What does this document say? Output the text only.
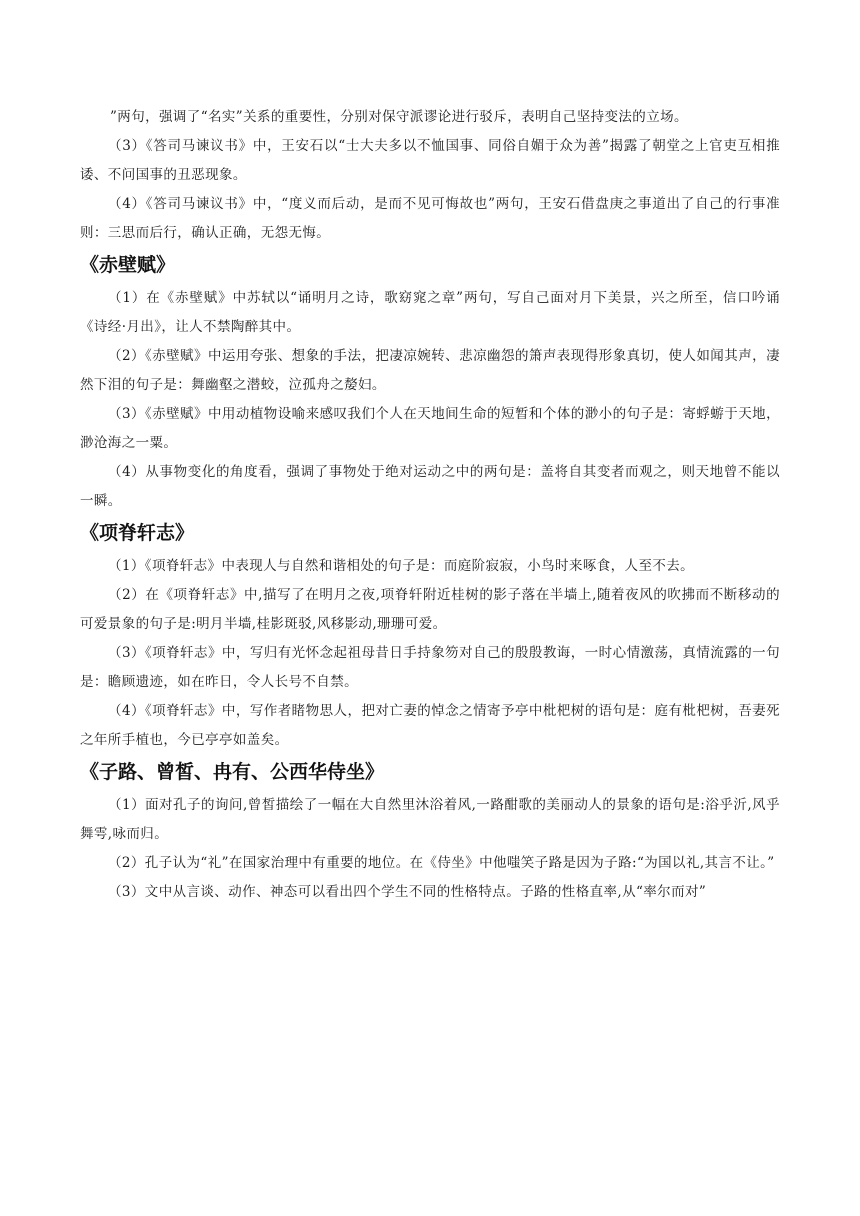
”两句，强调了“名实”关系的重要性，分别对保守派谬论进行驳斥，表明自己坚持变法的立场。

（3）《答司马谏议书》中，王安石以“士大夫多以不恤国事、同俗自媚于众为善”揭露了朝堂之上官吏互相推诿、不问国事的丑恶现象。

（4）《答司马谏议书》中，“度义而后动，是而不见可悔故也”两句，王安石借盘庚之事道出了自己的行事准则：三思而后行，确认正确，无怨无悔。

《赤壁赋》

（1）在《赤壁赋》中苏轼以“诵明月之诗，歌窈窕之章”两句，写自己面对月下美景，兴之所至，信口吟诵《诗经·月出》，让人不禁陶醉其中。

（2）《赤壁赋》中运用夸张、想象的手法，把凄凉婉转、悲凉幽怨的箫声表现得形象真切，使人如闻其声，凄然下泪的句子是：舞幽壑之潜蛟，泣孤舟之嫠妇。

（3）《赤壁赋》中用动植物设喻来感叹我们个人在天地间生命的短暂和个体的渺小的句子是：寄蜉蝣于天地，渺沧海之一粟。

（4）从事物变化的角度看，强调了事物处于绝对运动之中的两句是：盖将自其变者而观之，则天地曾不能以一瞬。

《项脊轩志》

（1）《项脊轩志》中表现人与自然和谐相处的句子是：而庭阶寂寂，小鸟时来啄食，人至不去。

（2）在《项脊轩志》中,描写了在明月之夜,项脊轩附近桂树的影子落在半墙上,随着夜风的吹拂而不断移动的可爱景象的句子是:明月半墙,桂影斑驳,风移影动,珊珊可爱。

（3）《项脊轩志》中，写归有光怀念起祖母昔日手持象笏对自己的殷殷教诲，一时心情激荡，真情流露的一句是：瞻顾遗迹，如在昨日，令人长号不自禁。

（4）《项脊轩志》中，写作者睹物思人，把对亡妻的悼念之情寄予亭中枇杷树的语句是：庭有枇杷树，吾妻死之年所手植也，今已亭亭如盖矣。

《子路、曾皙、冉有、公西华侍坐》

（1）面对孔子的询问,曾皙描绘了一幅在大自然里沐浴着风,一路酣歌的美丽动人的景象的语句是:浴乎沂,风乎舞雩,咏而归。

（2）孔子认为“礼”在国家治理中有重要的地位。在《侍坐》中他嗤笑子路是因为子路:“为国以礼,其言不让。”

（3）文中从言谈、动作、神态可以看出四个学生不同的性格特点。子路的性格直率,从“率尔而对”
